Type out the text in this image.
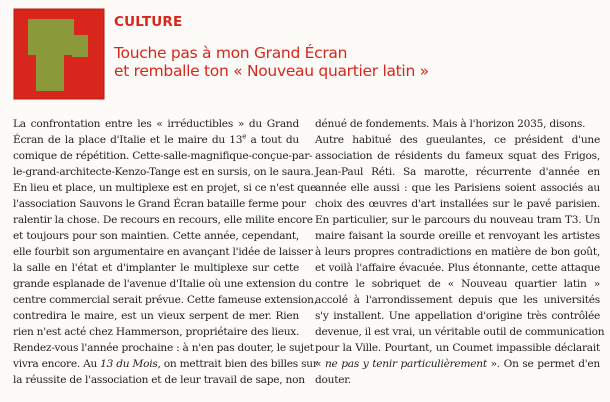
CULTURE
Touche pas à mon Grand Écran
et remballe ton « Nouveau quartier latin »
La confrontation entre les « irréductibles » du Grand
Écran de la place d'Italie et le maire du 13e a tout du
comique de répétition. Cette-salle-magnifique-conçue-par-
le-grand-architecte-Kenzo-Tange est en sursis, on le saura.
En lieu et place, un multiplexe est en projet, si ce n'est que
l'association Sauvons le Grand Écran bataille ferme pour
ralentir la chose. De recours en recours, elle milite encore
et toujours pour son maintien. Cette année, cependant,
elle fourbit son argumentaire en avançant l'idée de laisser
la salle en l'état et d'implanter le multiplexe sur cette
grande esplanade de l'avenue d'Italie où une extension du
centre commercial serait prévue. Cette fameuse extension,
contredira le maire, est un vieux serpent de mer. Rien
rien n'est acté chez Hammerson, propriétaire des lieux.
Rendez-vous l'année prochaine : à n'en pas douter, le sujet
vivra encore. Au 13 du Mois, on mettrait bien des billes sur
la réussite de l'association et de leur travail de sape, non
dénué de fondements. Mais à l'horizon 2035, disons.
Autre habitué des gueulantes, ce président d'une
association de résidents du fameux squat des Frigos,
Jean-Paul Réti. Sa marotte, récurrente d'année en
année elle aussi : que les Parisiens soient associés au
choix des œuvres d'art installées sur le pavé parisien.
En particulier, sur le parcours du nouveau tram T3. Un
maire faisant la sourde oreille et renvoyant les artistes
à leurs propres contradictions en matière de bon goût,
et voilà l'affaire évacuée. Plus étonnante, cette attaque
contre le sobriquet de « Nouveau quartier latin »
accolé à l'arrondissement depuis que les universités
s'y installent. Une appellation d'origine très contrôlée
devenue, il est vrai, un véritable outil de communication
pour la Ville. Pourtant, un Coumet impassible déclarait
« ne pas y tenir particulièrement ». On se permet d'en
douter.
